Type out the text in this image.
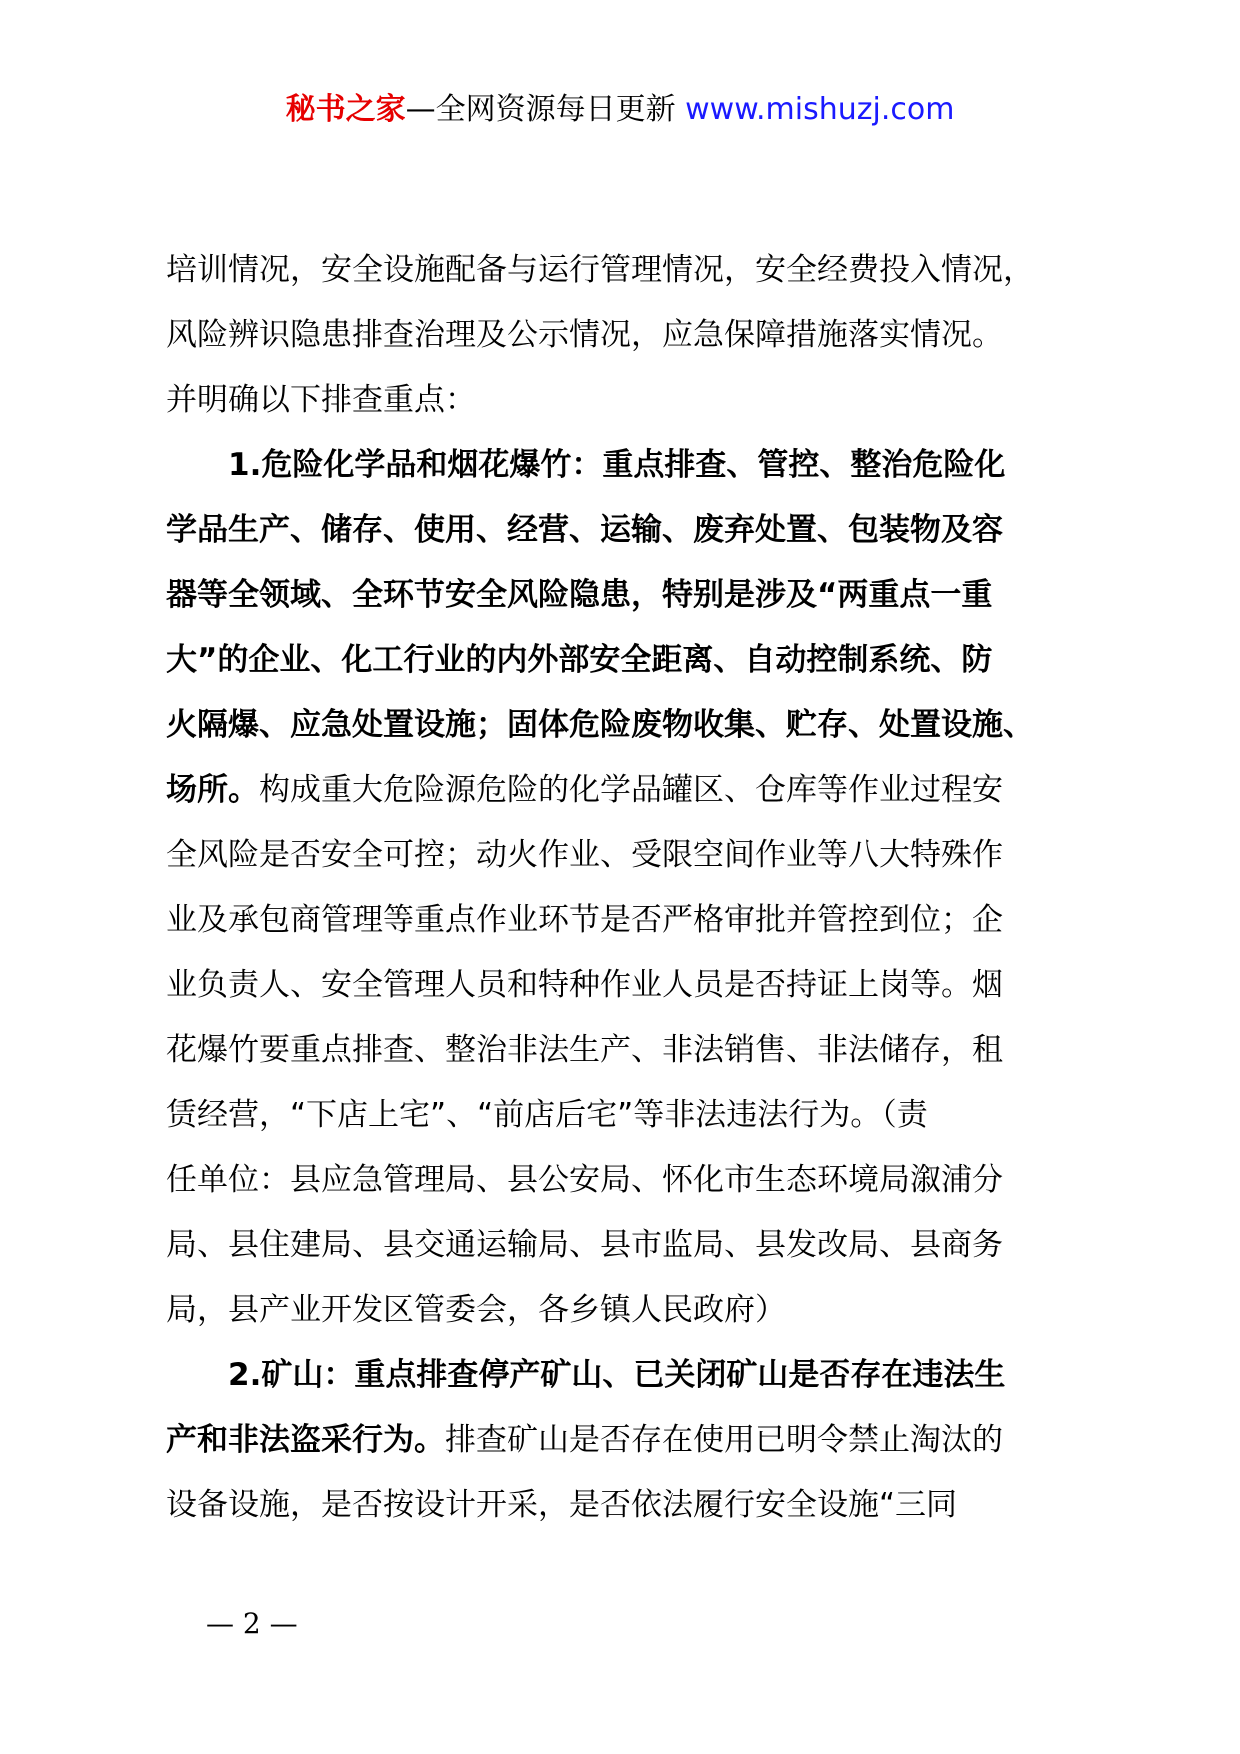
秘书之家—全网资源每日更新 www.mishuzj.com
培训情况，安全设施配备与运行管理情况，安全经费投入情况，
风险辨识隐患排查治理及公示情况，应急保障措施落实情况。
并明确以下排查重点：
　　1.危险化学品和烟花爆竹：重点排查、管控、整治危险化
学品生产、储存、使用、经营、运输、废弃处置、包装物及容
器等全领域、全环节安全风险隐患，特别是涉及“两重点一重
大”的企业、化工行业的内外部安全距离、自动控制系统、防
火隔爆、应急处置设施；固体危险废物收集、贮存、处置设施、
场所。构成重大危险源危险的化学品罐区、仓库等作业过程安
全风险是否安全可控；动火作业、受限空间作业等八大特殊作
业及承包商管理等重点作业环节是否严格审批并管控到位；企
业负责人、安全管理人员和特种作业人员是否持证上岗等。烟
花爆竹要重点排查、整治非法生产、非法销售、非法储存，租
赁经营，“下店上宅”、“前店后宅”等非法违法行为。（责
任单位：县应急管理局、县公安局、怀化市生态环境局溆浦分
局、县住建局、县交通运输局、县市监局、县发改局、县商务
局，县产业开发区管委会，各乡镇人民政府）
　　2.矿山：重点排查停产矿山、已关闭矿山是否存在违法生
产和非法盗采行为。排查矿山是否存在使用已明令禁止淘汰的
设备设施，是否按设计开采，是否依法履行安全设施“三同
— 2 —
